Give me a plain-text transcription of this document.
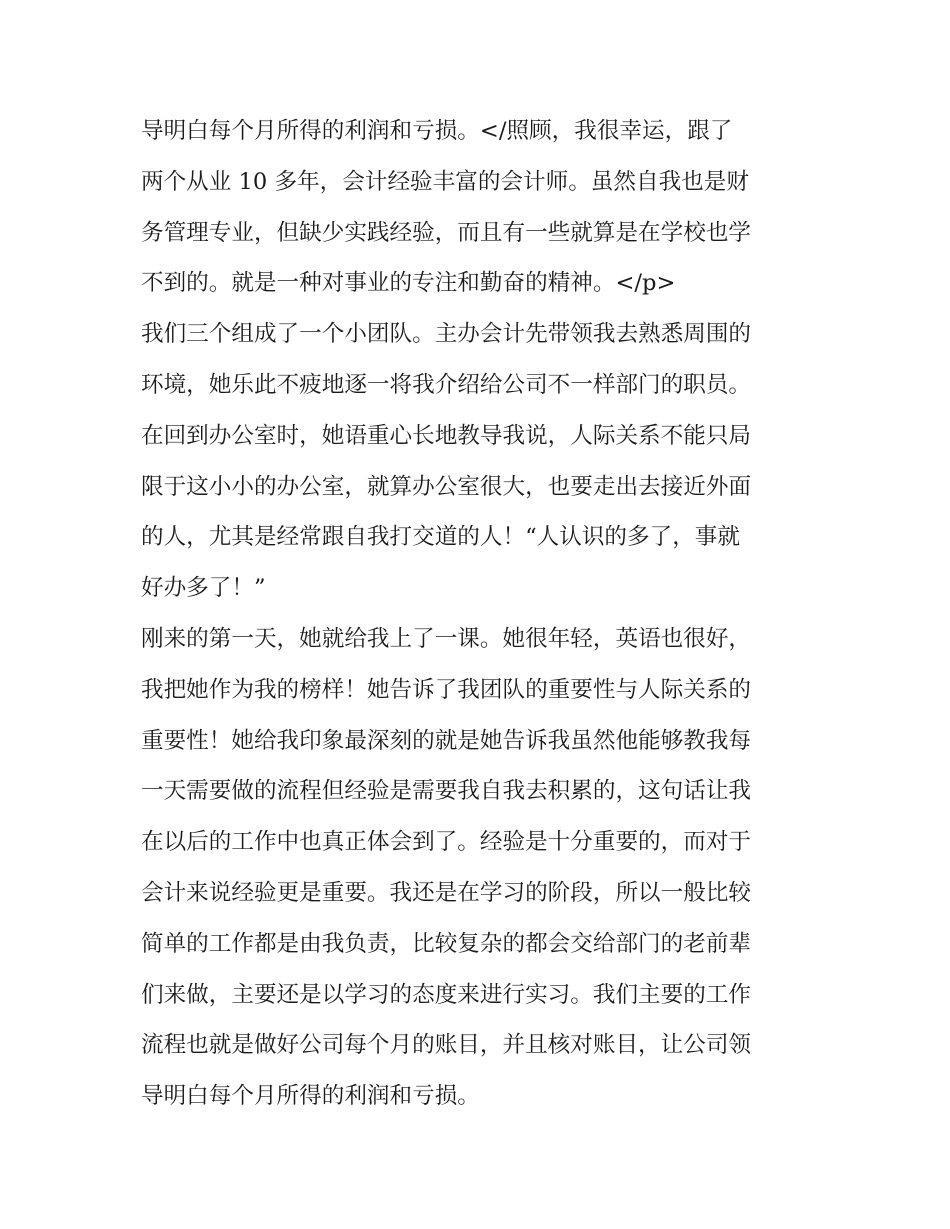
导明白每个月所得的利润和亏损。</照顾，我很幸运，跟了
两个从业 10 多年，会计经验丰富的会计师。虽然自我也是财
务管理专业，但缺少实践经验，而且有一些就算是在学校也学
不到的。就是一种对事业的专注和勤奋的精神。</p>
我们三个组成了一个小团队。主办会计先带领我去熟悉周围的
环境，她乐此不疲地逐一将我介绍给公司不一样部门的职员。
在回到办公室时，她语重心长地教导我说，人际关系不能只局
限于这小小的办公室，就算办公室很大，也要走出去接近外面
的人，尤其是经常跟自我打交道的人！“人认识的多了，事就
好办多了！”
刚来的第一天，她就给我上了一课。她很年轻，英语也很好，
我把她作为我的榜样！她告诉了我团队的重要性与人际关系的
重要性！她给我印象最深刻的就是她告诉我虽然他能够教我每
一天需要做的流程但经验是需要我自我去积累的，这句话让我
在以后的工作中也真正体会到了。经验是十分重要的，而对于
会计来说经验更是重要。我还是在学习的阶段，所以一般比较
简单的工作都是由我负责，比较复杂的都会交给部门的老前辈
们来做，主要还是以学习的态度来进行实习。我们主要的工作
流程也就是做好公司每个月的账目，并且核对账目，让公司领
导明白每个月所得的利润和亏损。
